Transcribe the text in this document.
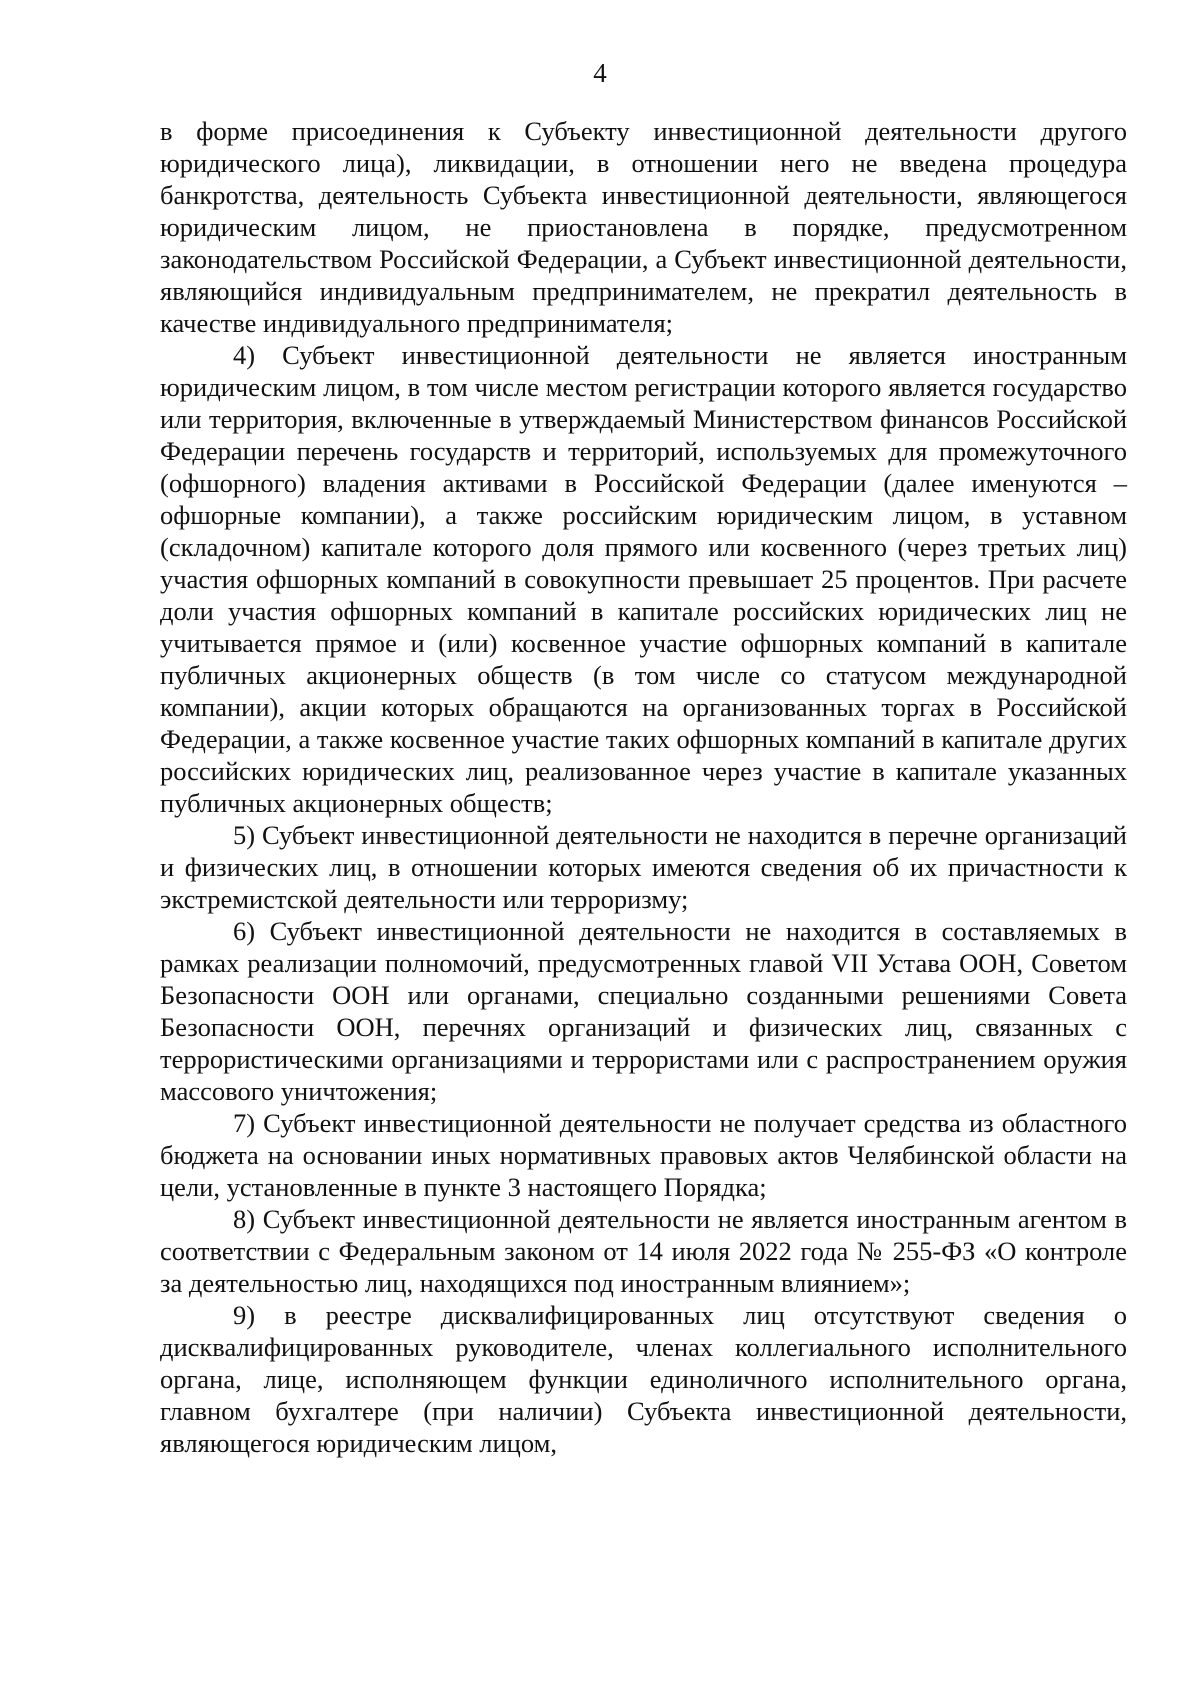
4

в форме присоединения к Субъекту инвестиционной деятельности другого юридического лица), ликвидации, в отношении него не введена процедура банкротства, деятельность Субъекта инвестиционной деятельности, являющегося юридическим лицом, не приостановлена в порядке, предусмотренном законодательством Российской Федерации, а Субъект инвестиционной деятельности, являющийся индивидуальным предпринимателем, не прекратил деятельность в качестве индивидуального предпринимателя;

4) Субъект инвестиционной деятельности не является иностранным юридическим лицом, в том числе местом регистрации которого является государство или территория, включенные в утверждаемый Министерством финансов Российской Федерации перечень государств и территорий, используемых для промежуточного (офшорного) владения активами в Российской Федерации (далее именуются – офшорные компании), а также российским юридическим лицом, в уставном (складочном) капитале которого доля прямого или косвенного (через третьих лиц) участия офшорных компаний в совокупности превышает 25 процентов. При расчете доли участия офшорных компаний в капитале российских юридических лиц не учитывается прямое и (или) косвенное участие офшорных компаний в капитале публичных акционерных обществ (в том числе со статусом международной компании), акции которых обращаются на организованных торгах в Российской Федерации, а также косвенное участие таких офшорных компаний в капитале других российских юридических лиц, реализованное через участие в капитале указанных публичных акционерных обществ;

5) Субъект инвестиционной деятельности не находится в перечне организаций и физических лиц, в отношении которых имеются сведения об их причастности к экстремистской деятельности или терроризму;

6) Субъект инвестиционной деятельности не находится в составляемых в рамках реализации полномочий, предусмотренных главой VII Устава ООН, Советом Безопасности ООН или органами, специально созданными решениями Совета Безопасности ООН, перечнях организаций и физических лиц, связанных с террористическими организациями и террористами или с распространением оружия массового уничтожения;

7) Субъект инвестиционной деятельности не получает средства из областного бюджета на основании иных нормативных правовых актов Челябинской области на цели, установленные в пункте 3 настоящего Порядка;

8) Субъект инвестиционной деятельности не является иностранным агентом в соответствии с Федеральным законом от 14 июля 2022 года № 255-ФЗ «О контроле за деятельностью лиц, находящихся под иностранным влиянием»;

9) в реестре дисквалифицированных лиц отсутствуют сведения о дисквалифицированных руководителе, членах коллегиального исполнительного органа, лице, исполняющем функции единоличного исполнительного органа, главном бухгалтере (при наличии) Субъекта инвестиционной деятельности, являющегося юридическим лицом,
